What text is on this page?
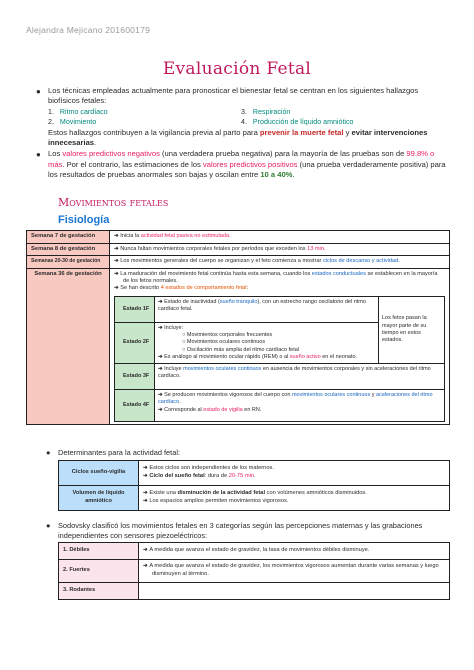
Alejandra Mejicano 201600179
Evaluación Fetal
● Los técnicas empleadas actualmente para pronosticar el bienestar fetal se centran en los siguientes hallazgos biofísicos fetales:
1. Ritmo cardíaco	3. Respiración
2. Movimiento	4. Producción de líquido amniótico
Estos hallazgos contribuyen a la vigilancia previa al parto para prevenir la muerte fetal y evitar intervenciones innecesarias.
● Los valores predictivos negativos (una verdadera prueba negativa) para la mayoría de las pruebas son de 99.8% o más. Por el contrario, las estimaciones de los valores predictivos positivos (una prueba verdaderamente positiva) para los resultados de pruebas anormales son bajas y oscilan entre 10 a 40%.
Movimientos fetales
Fisiología
Semana 7 de gestación	➔ Inicia la actividad fetal pasiva no estimulada.
Semana 8 de gestación	➔ Nunca faltan movimientos corporales fetales por períodos que exceden los 13 min.
Semanas 20-30 de gestación	➔ Los movimientos generales del cuerpo se organizan y el feto comienza a mostrar ciclos de descanso y actividad.
Semana 36 de gestación	➔ La maduración del movimiento fetal continúa hasta esta semana, cuando los estados conductuales se establecen en la mayoría de los fetos normales.
➔ Se han descrito 4 estados de comportamiento fetal:
Estado 1F	➔ Estado de inactividad (sueño tranquilo), con un estrecho rango oscilatorio del ritmo cardíaco fetal.	Los fetos pasan la mayor parte de su tiempo en estos estados.
Estado 2F	
➔ Incluye:
○ Movimientos corporales frecuentes
○ Movimientos oculares continuos
○ Oscilación más amplia del ritmo cardíaco fetal
➔ Es análogo al movimiento ocular rápido (REM) o al sueño activo en el neonato.

Estado 3F	➔ Incluye movimientos oculares continuos en ausencia de movimientos corporales y sin aceleraciones del ritmo cardíaco.
Estado 4F	
➔ Se producen movimientos vigorosos del cuerpo con movimientos oculares continuos y aceleraciones del ritmo cardíaco.
➔ Corresponde al estado de vigilia en RN.
● Determinantes para la actividad fetal:
Ciclos sueño-vigilia	➔ Estos ciclos son independientes de los maternos.
➔ Ciclo del sueño fetal: dura de 20-75 min.

Volumen de líquido amniótico	➔ Existe una disminución de la actividad fetal con volúmenes amnióticos disminuidos.
➔ Los espacios amplios permiten movimientos vigorosos.
● Sodovsky clasificó los movimientos fetales en 3 categorías según las percepciones maternas y las grabaciones independientes con sensores piezoeléctricos:
1. Débiles	➔ A medida que avanza el estado de gravidez, la tasa de movimientos débiles disminuye.
2. Fuertes	➔ A medida que avanza el estado de gravidez, los movimientos vigorosos aumentan durante varias semanas y luego disminuyen al término.

3. Rodantes	
